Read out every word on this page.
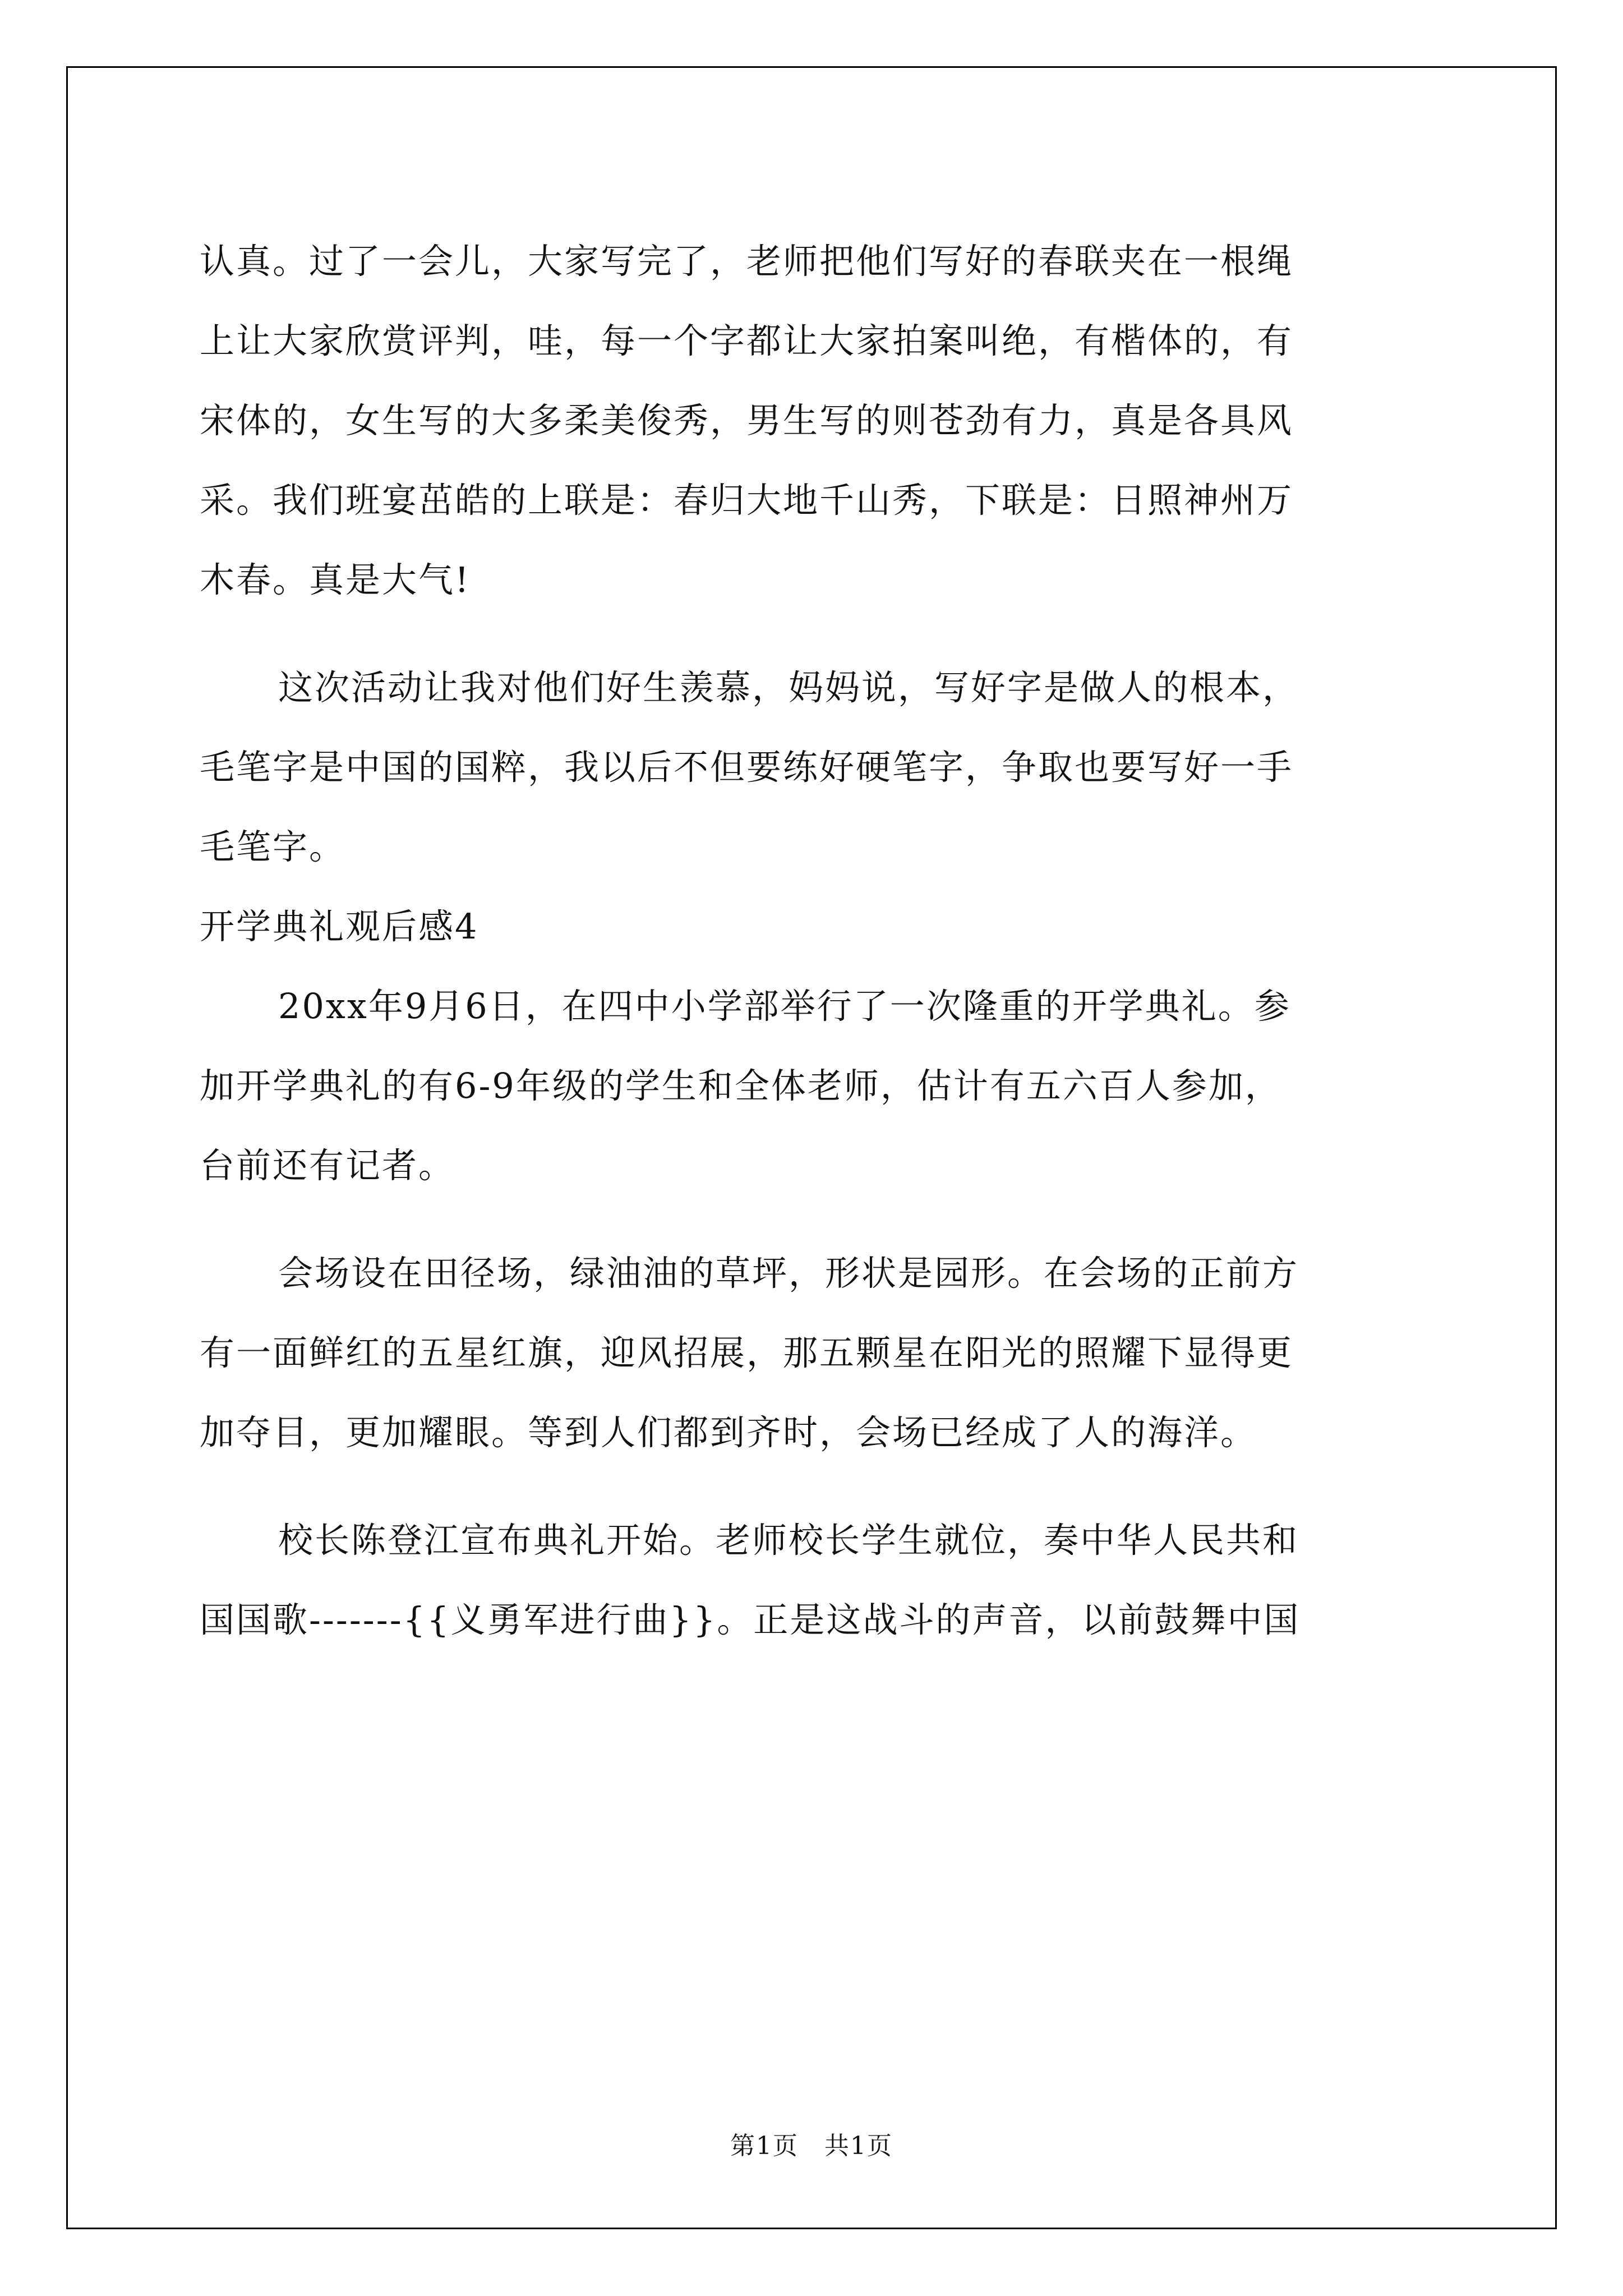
认真。过了一会儿，大家写完了，老师把他们写好的春联夹在一根绳
上让大家欣赏评判，哇，每一个字都让大家拍案叫绝，有楷体的，有
宋体的，女生写的大多柔美俊秀，男生写的则苍劲有力，真是各具风
采。我们班宴茁皓的上联是：春归大地千山秀，下联是：日照神州万
木春。真是大气!
这次活动让我对他们好生羡慕，妈妈说，写好字是做人的根本，
毛笔字是中国的国粹，我以后不但要练好硬笔字，争取也要写好一手
毛笔字。
开学典礼观后感4
20xx年9月6日，在四中小学部举行了一次隆重的开学典礼。参
加开学典礼的有6-9年级的学生和全体老师，估计有五六百人参加，
台前还有记者。
会场设在田径场，绿油油的草坪，形状是园形。在会场的正前方
有一面鲜红的五星红旗，迎风招展，那五颗星在阳光的照耀下显得更
加夺目，更加耀眼。等到人们都到齐时，会场已经成了人的海洋。
校长陈登江宣布典礼开始。老师校长学生就位，奏中华人民共和
国国歌-------{{义勇军进行曲}}。正是这战斗的声音，以前鼓舞中国
第1页　共1页
